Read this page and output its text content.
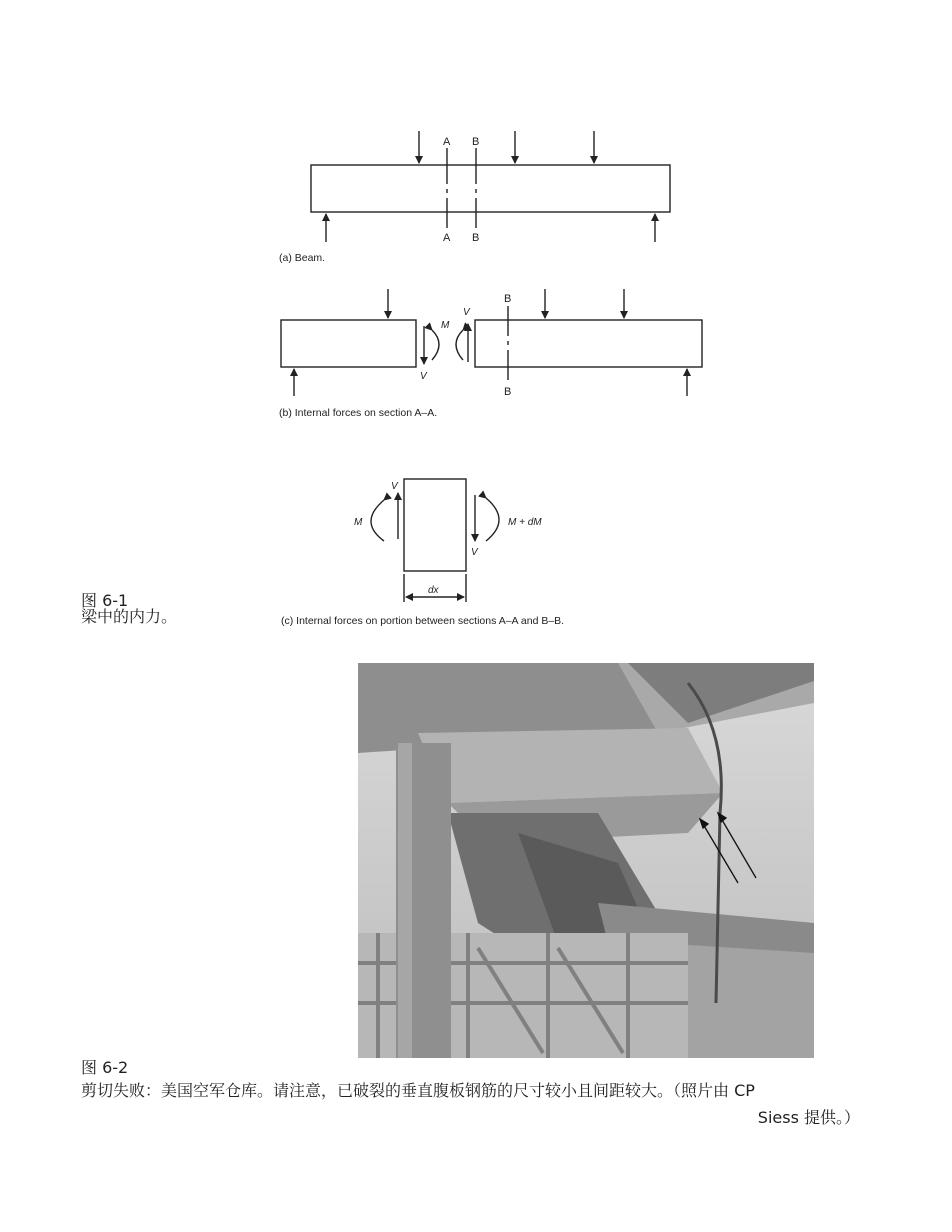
A B
A B
(a) Beam.
M
V
V
B
B
(b) Internal forces on section A–A.
M
V
M + dM
V
dx
(c) Internal forces on portion between sections A–A and B–B.
图 6-1
梁中的内力。
图 6-2
剪切失败：美国空军仓库。请注意，已破裂的垂直腹板钢筋的尺寸较小且间距较大。（照片由 CP
Siess 提供。）
